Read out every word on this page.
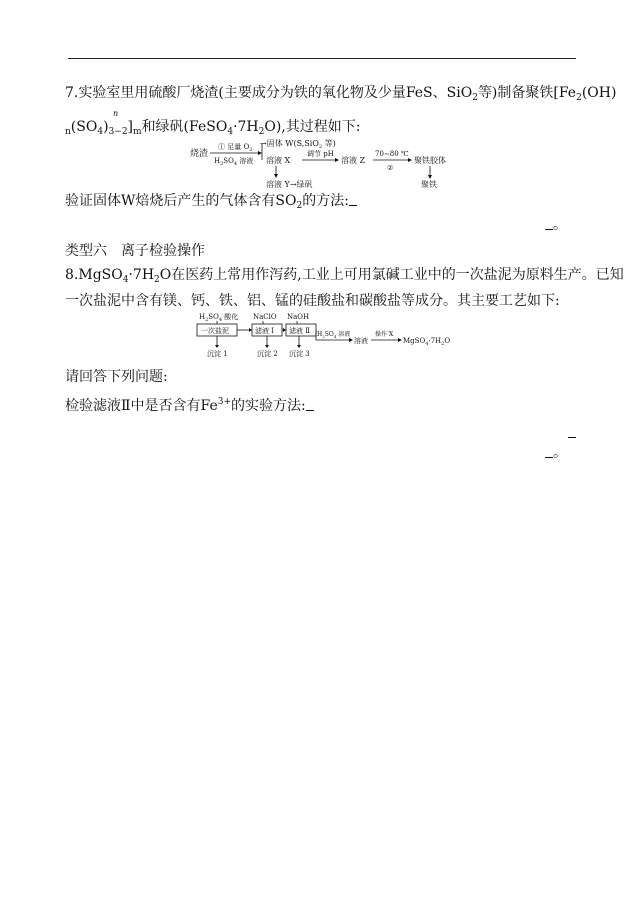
7.实验室里用硫酸厂烧渣(主要成分为铁的氧化物及少量FeS、SiO$_2$等)制备聚铁[$Fe_2(OH)$
n
$_n(SO_4)_{3-2}]_m$和绿矾$(FeSO_4\cdot 7H_2O)$,其过程如下:
烧渣
① 足量 $O_2$
$H_2SO_4$ 溶液
→固体 W(S,SiO$_2$ 等)
溶液 X
调节 pH
溶液 Z
70∼80 ℃
②
聚铁胶体
聚铁
溶液 Y→绿矾
验证固体W焙烧后产生的气体含有$SO_2$的方法:
。
类型六　离子检验操作
$8.MgSO_4\cdot 7H_2O$在医药上常用作泻药,工业上可用氯碱工业中的一次盐泥为原料生产。已知
一次盐泥中含有镁、钙、铁、铝、锰的硅酸盐和碳酸盐等成分。其主要工艺如下:
$H_2SO_4$ 酸化 NaClO NaOH
一次盐泥	滤液 Ⅰ 滤液 Ⅱ $H_2SO_4$ 溶液
溶液
操作 X
$MgSO_4\cdot 7H_2O$
沉淀 1	沉淀 2 沉淀 3
请回答下列问题:
检验滤液Ⅱ中是否含有$Fe^{3+}$的实验方法:
。
